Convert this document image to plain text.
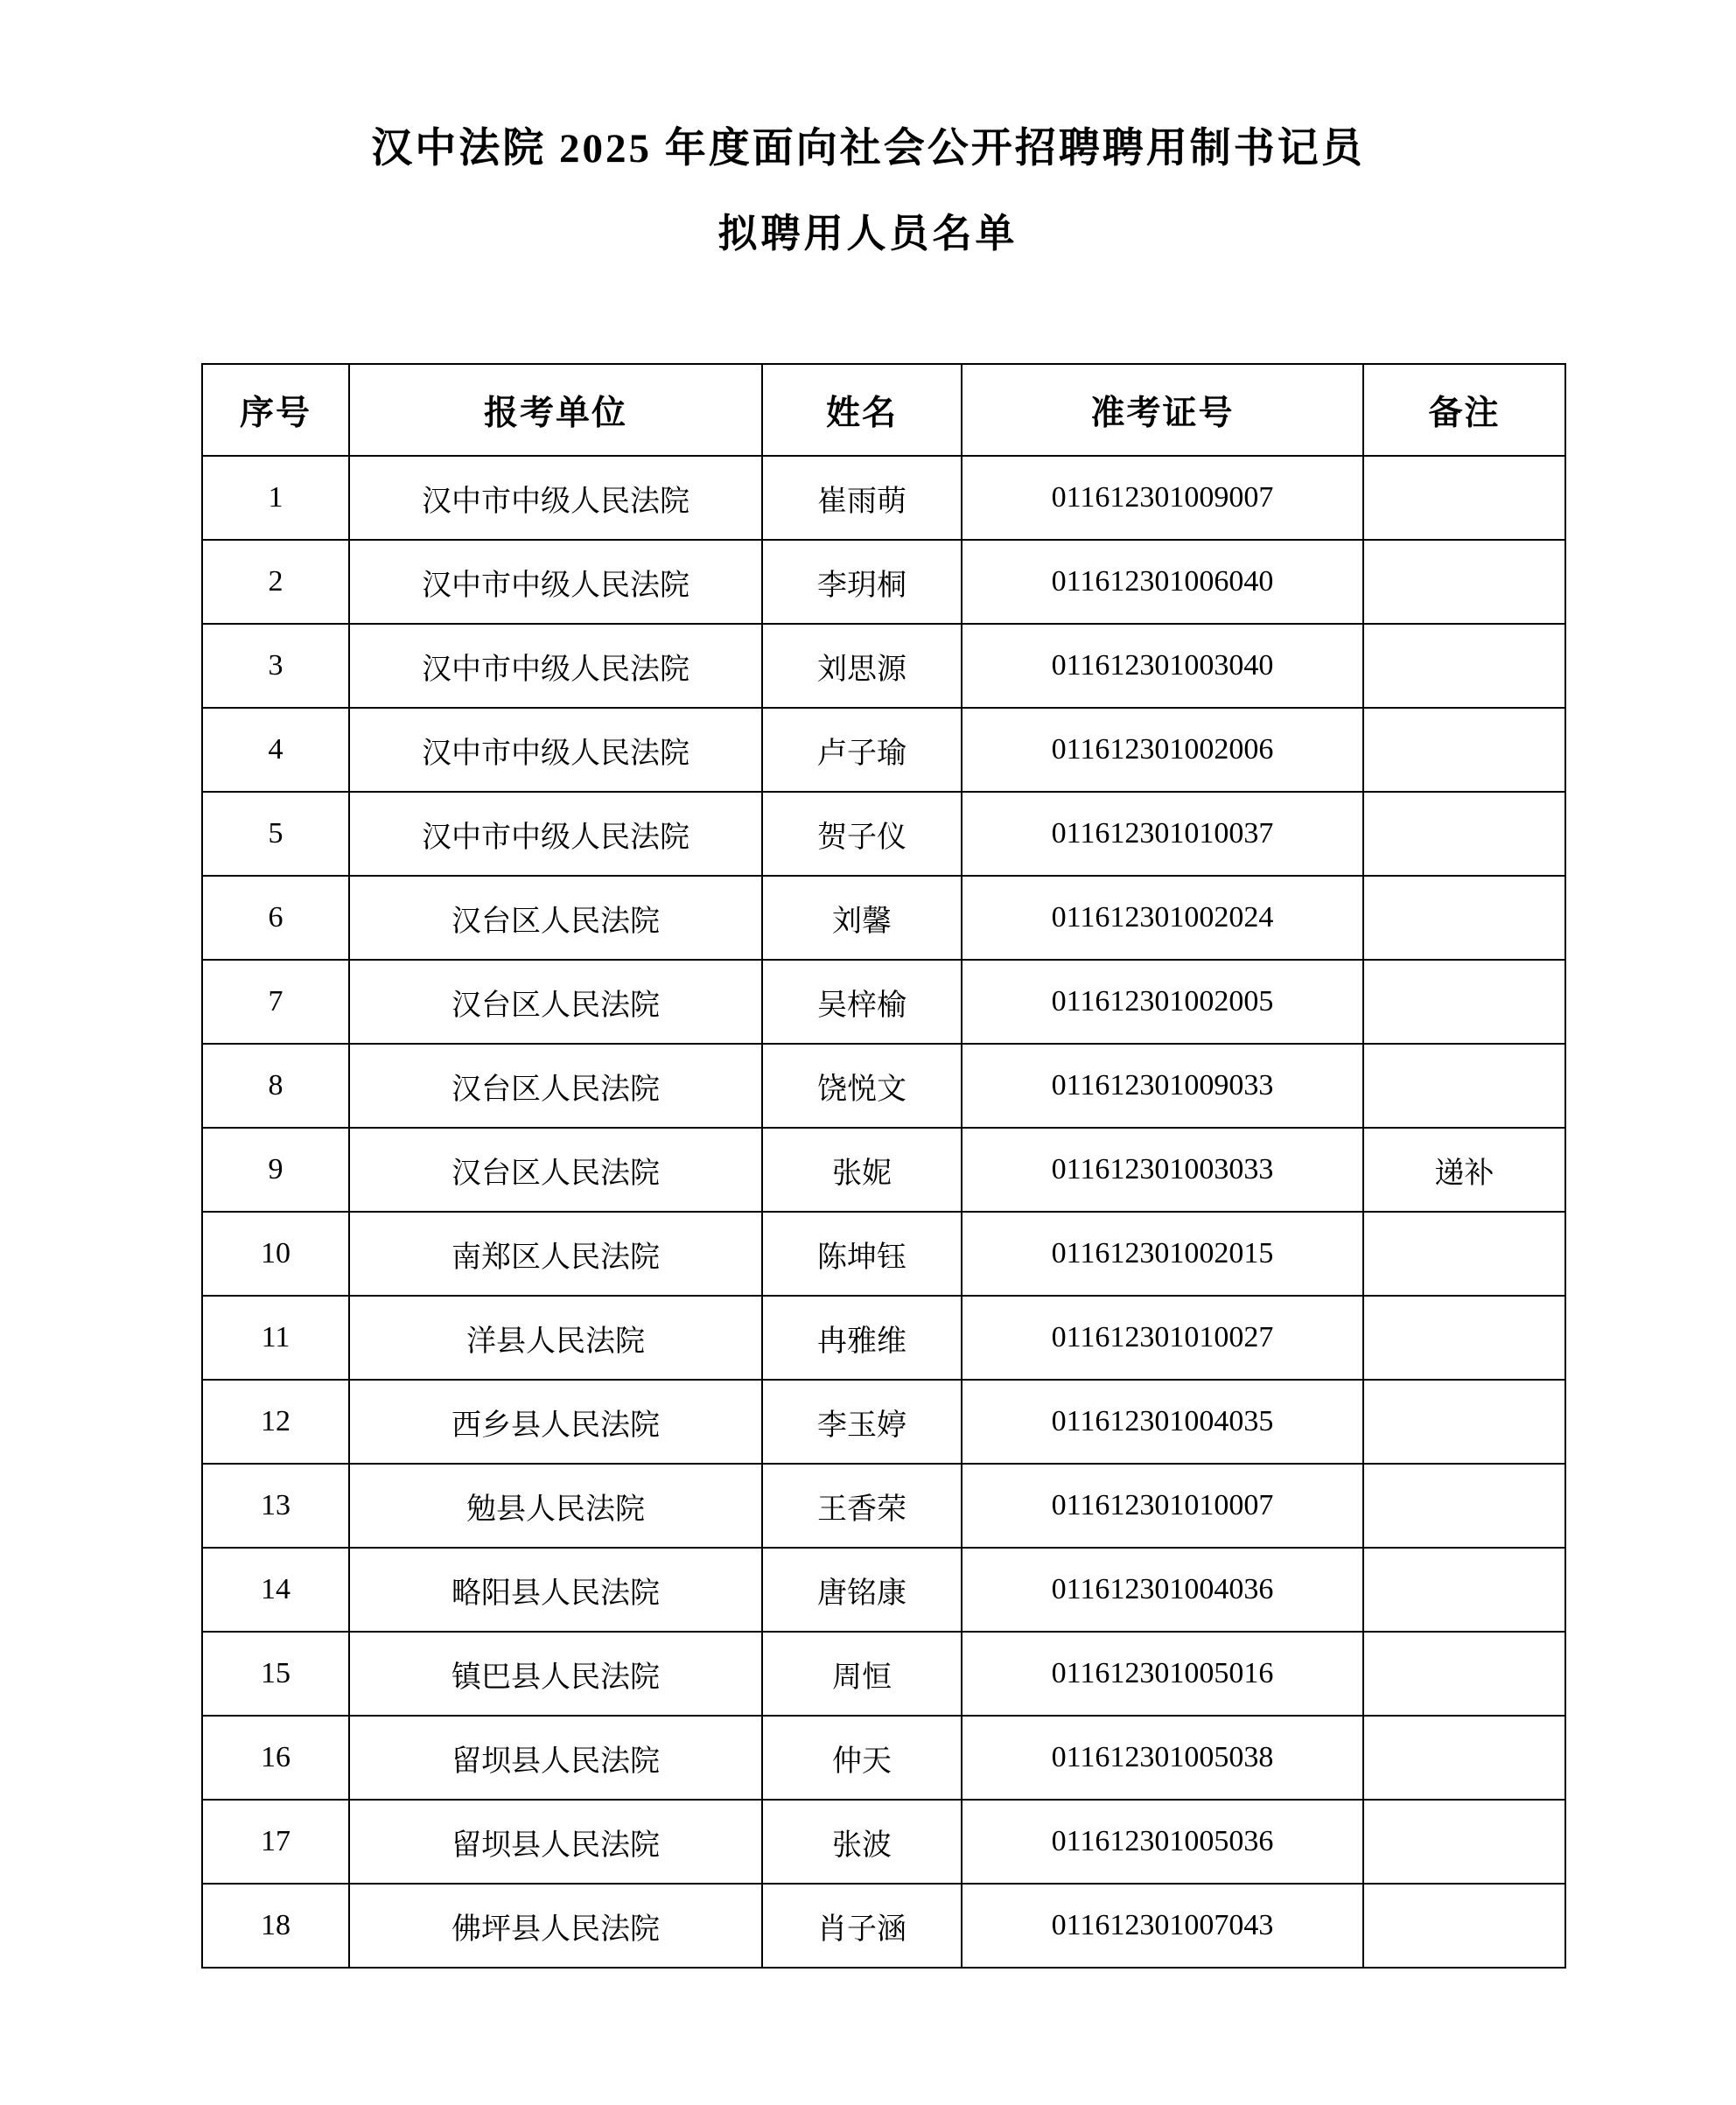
汉中法院 2025 年度面向社会公开招聘聘用制书记员
拟聘用人员名单
序号	报考单位	姓名	准考证号	备注
1	汉中市中级人民法院	崔雨萌	011612301009007	
2	汉中市中级人民法院	李玥桐	011612301006040	
3	汉中市中级人民法院	刘思源	011612301003040	
4	汉中市中级人民法院	卢子瑜	011612301002006	
5	汉中市中级人民法院	贺子仪	011612301010037	
6	汉台区人民法院	刘馨	011612301002024	
7	汉台区人民法院	吴梓榆	011612301002005	
8	汉台区人民法院	饶悦文	011612301009033	
9	汉台区人民法院	张妮	011612301003033	递补
10	南郑区人民法院	陈坤钰	011612301002015	
11	洋县人民法院	冉雅维	011612301010027	
12	西乡县人民法院	李玉婷	011612301004035	
13	勉县人民法院	王香荣	011612301010007	
14	略阳县人民法院	唐铭康	011612301004036	
15	镇巴县人民法院	周恒	011612301005016	
16	留坝县人民法院	仲天	011612301005038	
17	留坝县人民法院	张波	011612301005036	
18	佛坪县人民法院	肖子涵	011612301007043	
